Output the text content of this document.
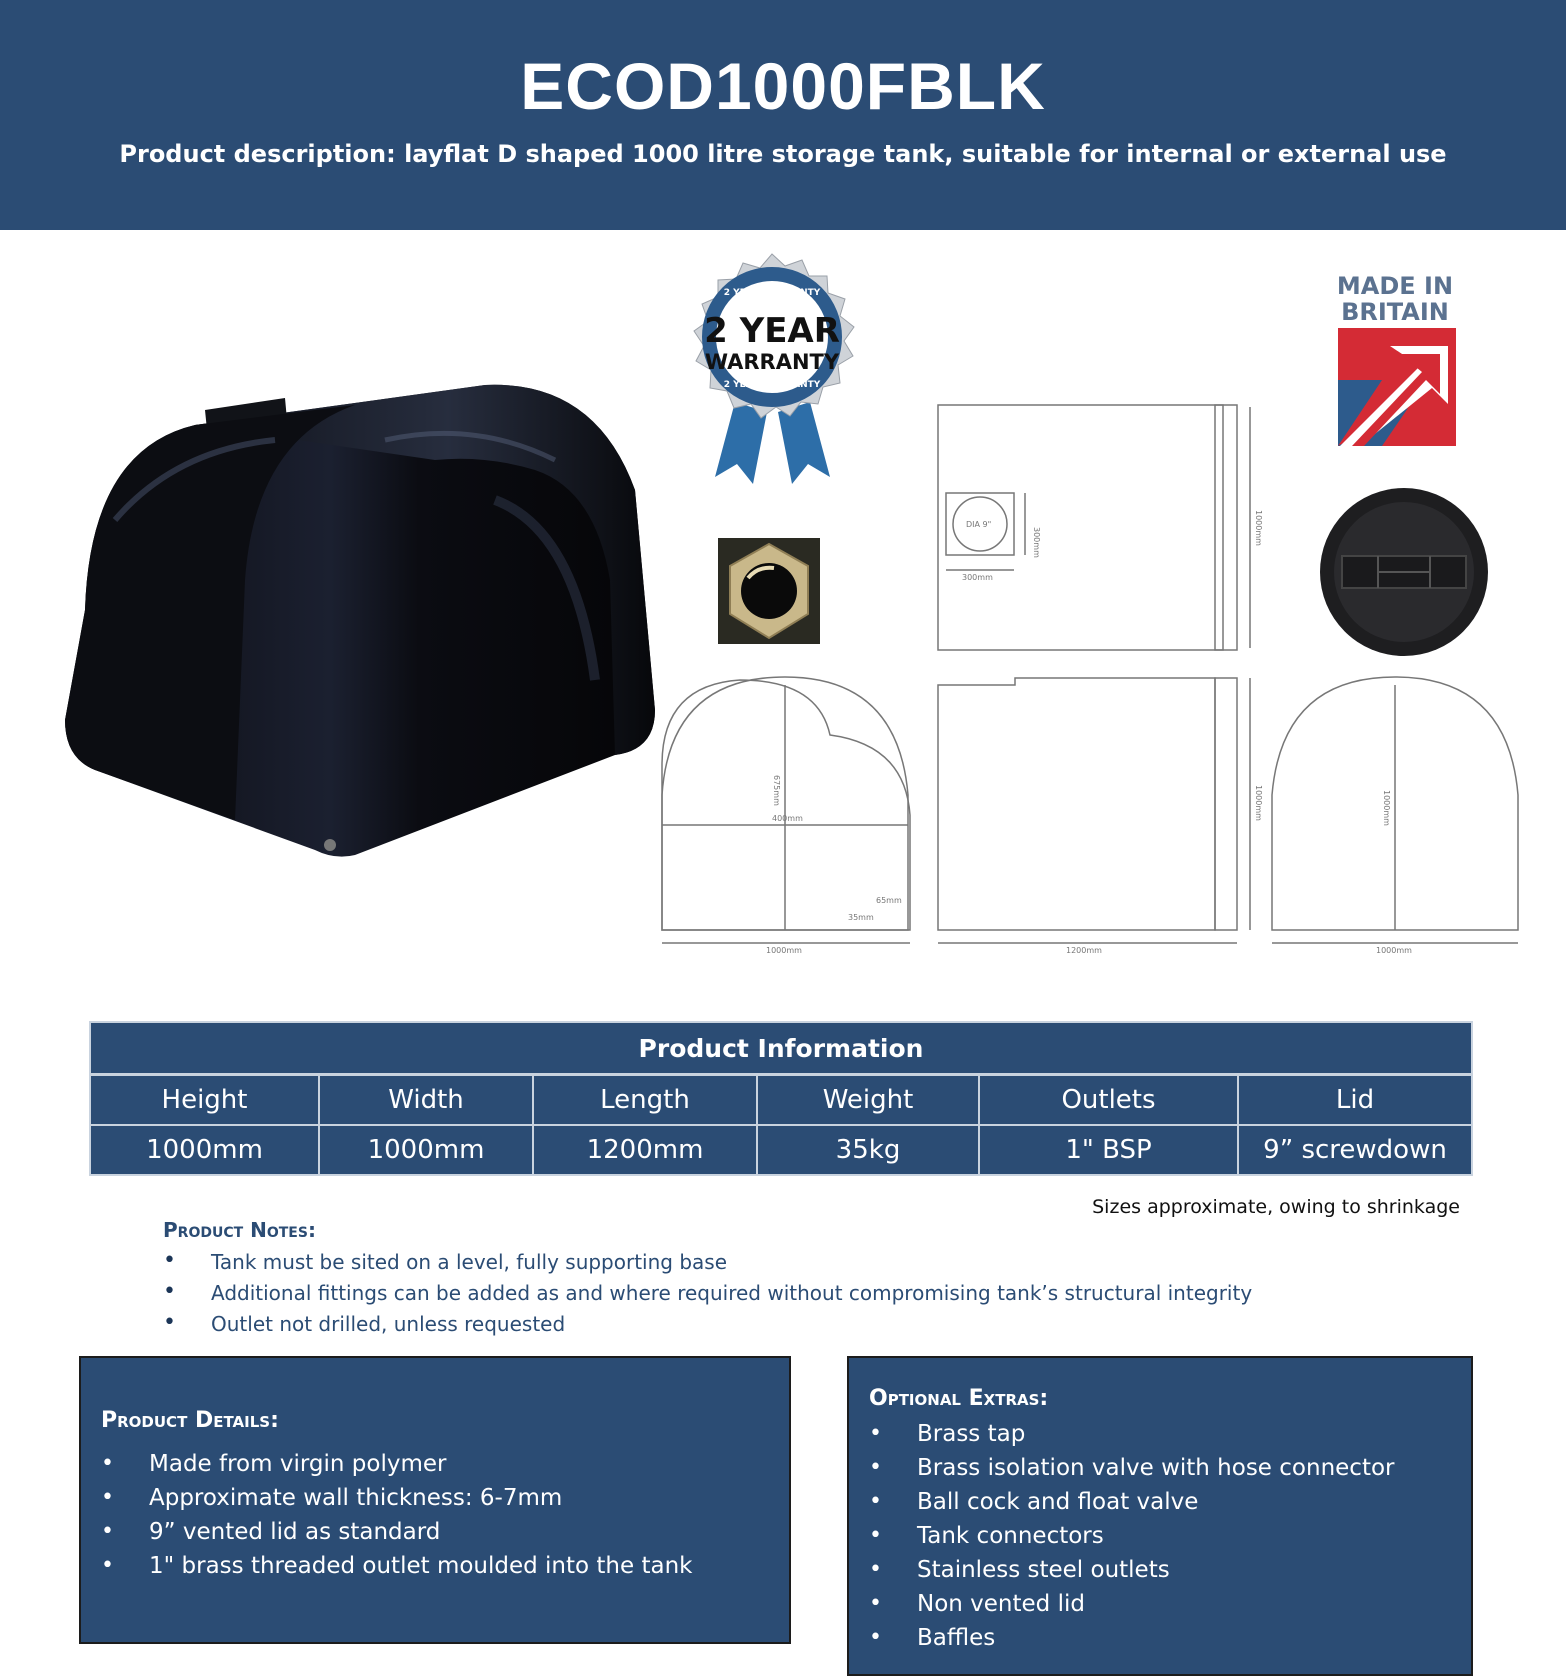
ECOD1000FBLK
Product description: layflat D shaped 1000 litre storage tank, suitable for internal or external use
2 YEAR WARRANTY
2 YEAR WARRANTY
2 YEAR
WARRANTY
MADE IN
BRITAIN
DIA 9"
300mm
300mm
1000mm
675mm
400mm
65mm
35mm
1000mm
1000mm
1200mm
1000mm
1000mm
Product Information					
Height	Width	Length	Weight	Outlets	Lid
1000mm	1000mm	1200mm	35kg	1" BSP	9” screwdown
Sizes approximate, owing to shrinkage
Product Notes:
• Tank must be sited on a level, fully supporting base
• Additional fittings can be added as and where required without compromising tank’s structural integrity
• Outlet not drilled, unless requested
Product Details:
• Made from virgin polymer
• Approximate wall thickness: 6-7mm
• 9” vented lid as standard
• 1" brass threaded outlet moulded into the tank
Optional Extras:
• Brass tap
• Brass isolation valve with hose connector
• Ball cock and float valve
• Tank connectors
• Stainless steel outlets
• Non vented lid
• Baffles
